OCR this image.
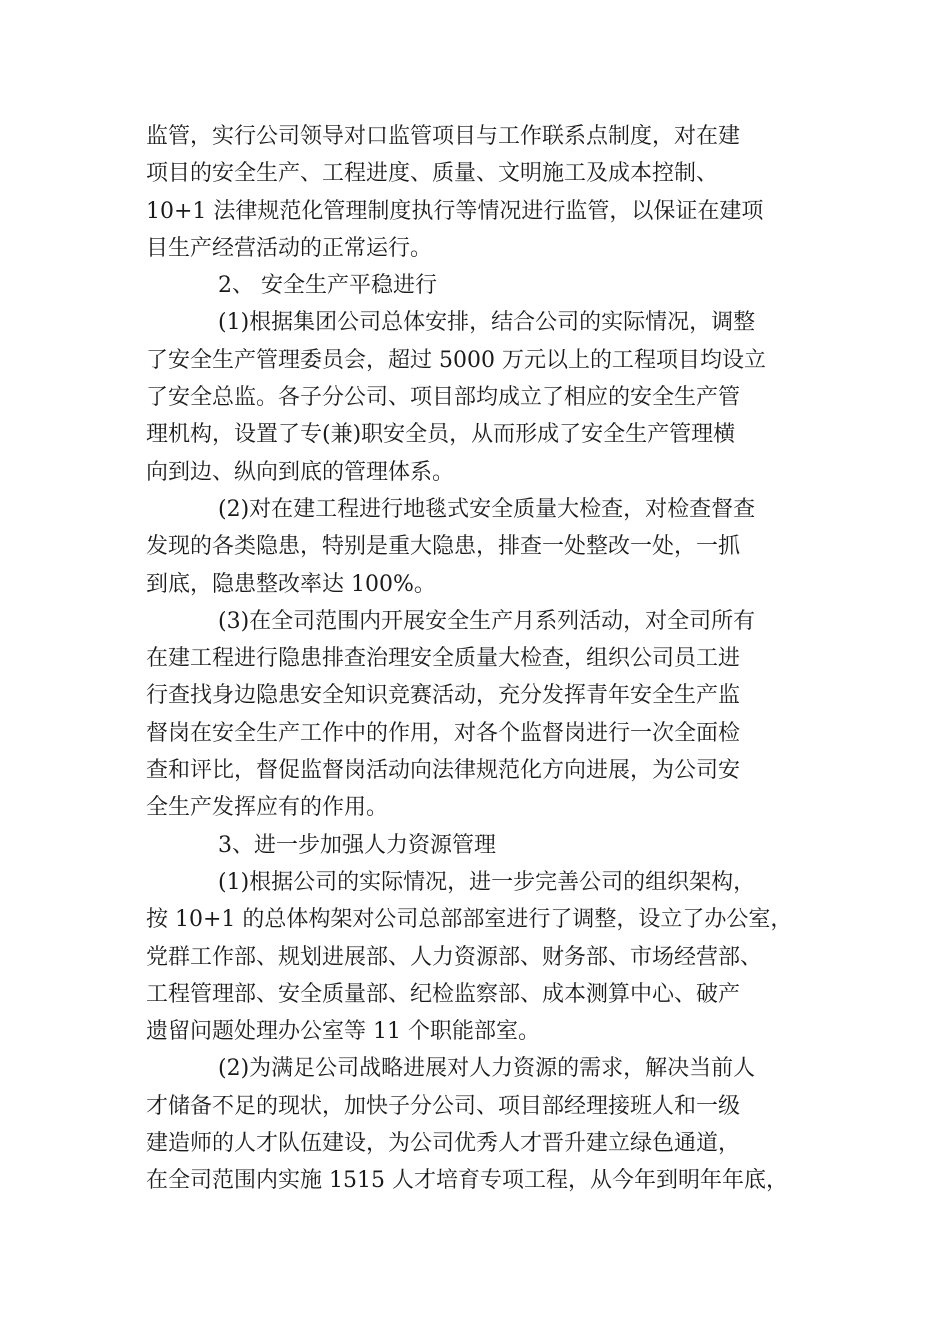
监管，实行公司领导对口监管项目与工作联系点制度，对在建
项目的安全生产、工程进度、质量、文明施工及成本控制、
10+1 法律规范化管理制度执行等情况进行监管，以保证在建项
目生产经营活动的正常运行。
2、 安全生产平稳进行
(1)根据集团公司总体安排，结合公司的实际情况，调整
了安全生产管理委员会，超过 5000 万元以上的工程项目均设立
了安全总监。各子分公司、项目部均成立了相应的安全生产管
理机构，设置了专(兼)职安全员，从而形成了安全生产管理横
向到边、纵向到底的管理体系。
(2)对在建工程进行地毯式安全质量大检查，对检查督查
发现的各类隐患，特别是重大隐患，排查一处整改一处，一抓
到底，隐患整改率达 100%。
(3)在全司范围内开展安全生产月系列活动，对全司所有
在建工程进行隐患排查治理安全质量大检查，组织公司员工进
行查找身边隐患安全知识竞赛活动，充分发挥青年安全生产监
督岗在安全生产工作中的作用，对各个监督岗进行一次全面检
查和评比，督促监督岗活动向法律规范化方向进展，为公司安
全生产发挥应有的作用。
3、进一步加强人力资源管理
(1)根据公司的实际情况，进一步完善公司的组织架构，
按 10+1 的总体构架对公司总部部室进行了调整，设立了办公室，
党群工作部、规划进展部、人力资源部、财务部、市场经营部、
工程管理部、安全质量部、纪检监察部、成本测算中心、破产
遗留问题处理办公室等 11 个职能部室。
(2)为满足公司战略进展对人力资源的需求，解决当前人
才储备不足的现状，加快子分公司、项目部经理接班人和一级
建造师的人才队伍建设，为公司优秀人才晋升建立绿色通道，
在全司范围内实施 1515 人才培育专项工程，从今年到明年年底，
